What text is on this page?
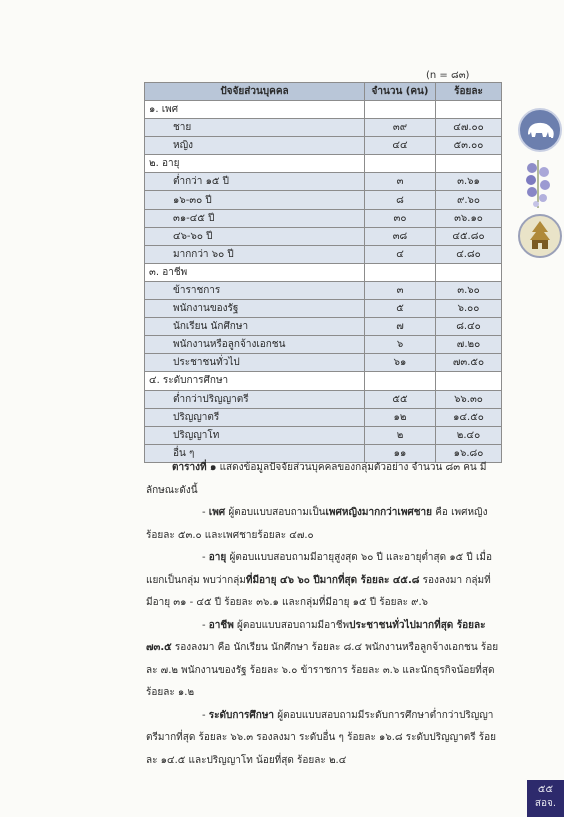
(n = ๘๓)
ปัจจัยส่วนบุคคล	จำนวน (คน)	ร้อยละ
๑. เพศ		
ชาย	๓๙	๔๗.๐๐
หญิง	๔๔	๕๓.๐๐
๒. อายุ		
ต่ำกว่า ๑๕ ปี	๓	๓.๖๑
๑๖-๓๐ ปี	๘	๙.๖๐
๓๑-๔๕ ปี	๓๐	๓๖.๑๐
๔๖-๖๐ ปี	๓๘	๔๕.๘๐
มากกว่า ๖๐ ปี	๔	๔.๘๐
๓. อาชีพ		
ข้าราชการ	๓	๓.๖๐
พนักงานของรัฐ	๕	๖.๐๐
นักเรียน นักศึกษา	๗	๘.๔๐
พนักงานหรือลูกจ้างเอกชน	๖	๗.๒๐
ประชาชนทั่วไป	๖๑	๗๓.๕๐
๔. ระดับการศึกษา		
ต่ำกว่าปริญญาตรี	๕๕	๖๖.๓๐
ปริญญาตรี	๑๒	๑๔.๕๐
ปริญญาโท	๒	๒.๔๐
อื่น ๆ	๑๑	๑๖.๘๐
ตารางที่ ๑ แสดงข้อมูลปัจจัยส่วนบุคคลของกลุ่มตัวอย่าง จำนวน ๘๓ คน มีลักษณะดังนี้
- เพศ ผู้ตอบแบบสอบถามเป็นเพศหญิงมากกว่าเพศชาย คือ เพศหญิงร้อยละ ๕๓.๐ และเพศชายร้อยละ ๔๗.๐
- อายุ ผู้ตอบแบบสอบถามมีอายุสูงสุด ๖๐ ปี และอายุต่ำสุด ๑๕ ปี เมื่อแยกเป็นกลุ่ม พบว่ากลุ่มที่มีอายุ ๔๖ ๖๐ ปีมากที่สุด ร้อยละ ๔๕.๘ รองลงมา กลุ่มที่มีอายุ ๓๑ - ๔๕ ปี ร้อยละ ๓๖.๑ และกลุ่มที่มีอายุ ๑๕ ปี ร้อยละ ๙.๖
- อาชีพ ผู้ตอบแบบสอบถามมีอาชีพประชาชนทั่วไปมากที่สุด ร้อยละ ๗๓.๕ รองลงมา คือ นักเรียน นักศึกษา ร้อยละ ๘.๔ พนักงานหรือลูกจ้างเอกชน ร้อยละ ๗.๒ พนักงานของรัฐ ร้อยละ ๖.๐ ข้าราชการ ร้อยละ ๓.๖ และนักธุรกิจน้อยที่สุด ร้อยละ ๑.๒
- ระดับการศึกษา ผู้ตอบแบบสอบถามมีระดับการศึกษาต่ำกว่าปริญญาตรีมากที่สุด ร้อยละ ๖๖.๓ รองลงมา ระดับอื่น ๆ ร้อยละ ๑๖.๘ ระดับปริญญาตรี ร้อยละ ๑๔.๕ และปริญญาโท น้อยที่สุด ร้อยละ ๒.๔
๕๕
สอจ.
